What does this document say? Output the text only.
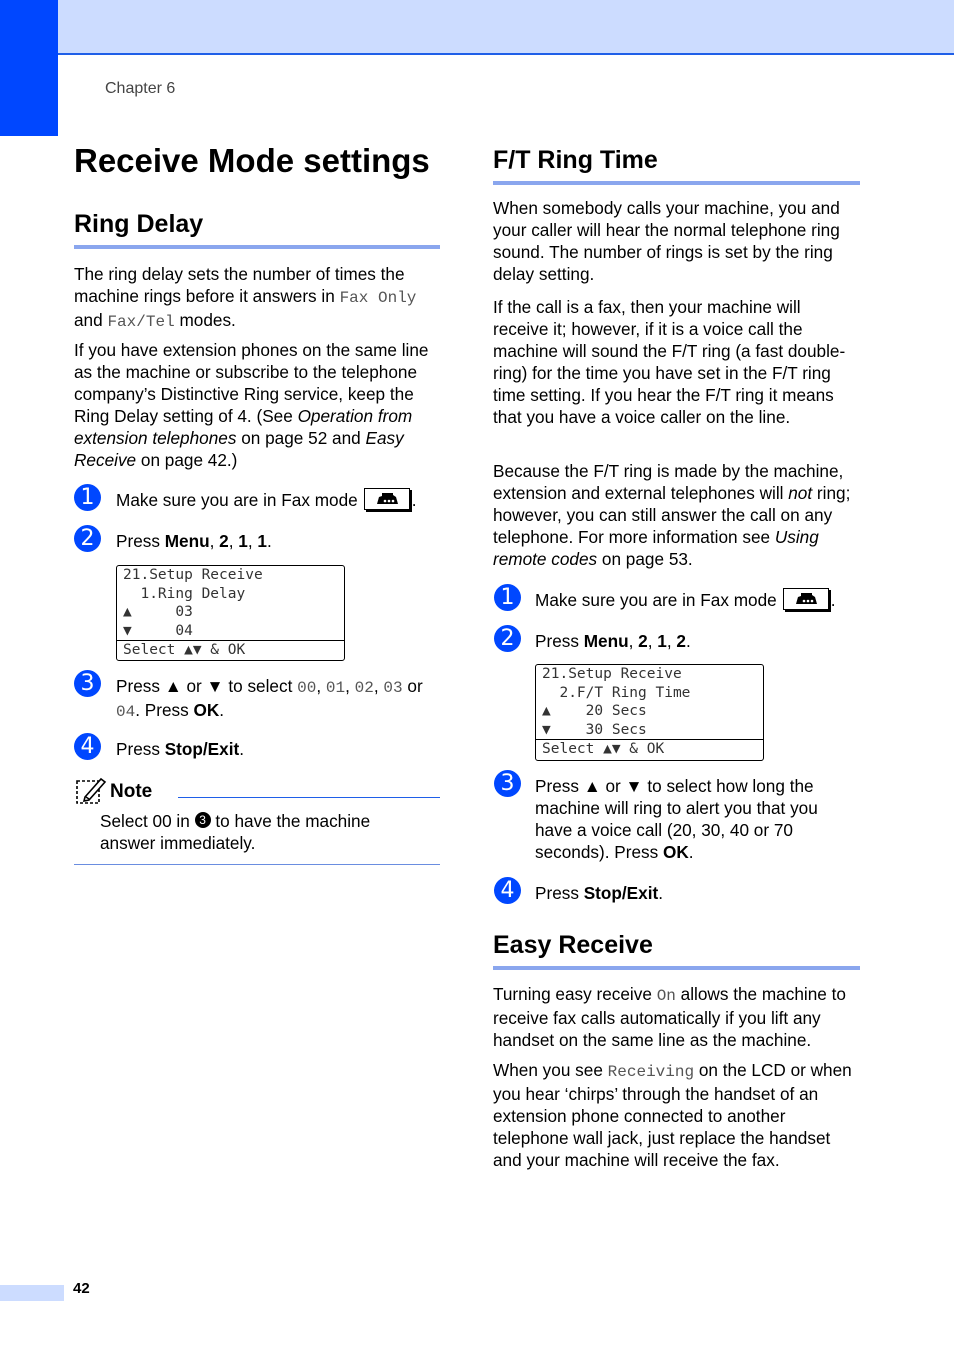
Chapter 6
Receive Mode settings
Ring Delay

The ring delay sets the number of times the machine rings before it answers in Fax Only and Fax/Tel modes.

If you have extension phones on the same line as the machine or subscribe to the telephone company’s Distinctive Ring service, keep the Ring Delay setting of 4. (See Operation from extension telephones on page 52 and Easy Receive on page 42.)

1	Make sure you are in Fax mode	.
2	Press Menu, 2, 1, 1.
21.Setup Receive
1.Ring Delay
▲     03
▼     04
Select ▲▼ & OK
3	Press ▲ or ▼ to select 00, 01, 02, 03 or 04. Press OK.
4	Press Stop/Exit.
Note
Select 00 in 3 to have the machine answer immediately.
F/T Ring Time

When somebody calls your machine, you and your caller will hear the normal telephone ring sound. The number of rings is set by the ring delay setting.

If the call is a fax, then your machine will receive it; however, if it is a voice call the machine will sound the F/T ring (a fast double-ring) for the time you have set in the F/T ring time setting. If you hear the F/T ring it means that you have a voice caller on the line.

Because the F/T ring is made by the machine, extension and external telephones will not ring; however, you can still answer the call on any telephone. For more information see Using remote codes on page 53.

1	Make sure you are in Fax mode	.
2	Press Menu, 2, 1, 2.
21.Setup Receive
2.F/T Ring Time
▲    20 Secs
▼    30 Secs
Select ▲▼ & OK
3	Press ▲ or ▼ to select how long the machine will ring to alert you that you have a voice call (20, 30, 40 or 70 seconds). Press OK.
4	Press Stop/Exit.
Easy Receive

Turning easy receive On allows the machine to receive fax calls automatically if you lift any handset on the same line as the machine.

When you see Receiving on the LCD or when you hear ‘chirps’ through the handset of an extension phone connected to another telephone wall jack, just replace the handset and your machine will receive the fax.

42
